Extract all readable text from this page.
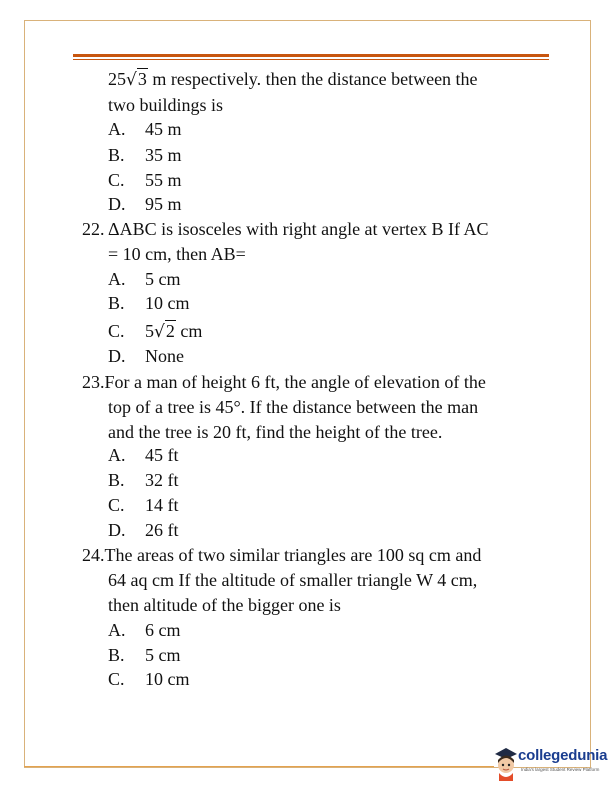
25√3 m respectively. then the distance between the
two buildings is
A. 45 m
B. 35 m
C. 55 m
D. 95 m
22. ΔABC is isosceles with right angle at vertex B If AC
= 10 cm, then AB=
A. 5 cm
B. 10 cm
C. 5√2 cm
D. None
23.For a man of height 6 ft, the angle of elevation of the
top of a tree is 45°. If the distance between the man
and the tree is 20 ft, find the height of the tree.
A. 45 ft
B. 32 ft
C. 14 ft
D. 26 ft
24.The areas of two similar triangles are 100 sq cm and
64 aq cm If the altitude of smaller triangle W 4 cm,
then altitude of the bigger one is
A. 6 cm
B. 5 cm
C. 10 cm
collegedunia
India's largest Student Review Platform
